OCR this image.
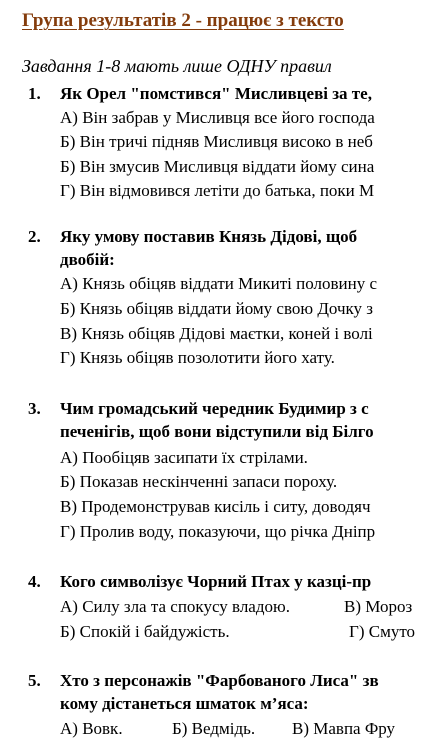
Група результатів 2 - працює з тексто
Завдання 1-8 мають лише ОДНУ правил
1. Як Орел "помстився" Мисливцеві за те,
А) Він забрав у Мисливця все його господа
Б) Він тричі підняв Мисливця високо в неб
Б) Він змусив Мисливця віддати йому сина
Г) Він відмовився летіти до батька, поки М
2. Яку умову поставив Князь Дідові, щоб
двобій:
А) Князь обіцяв віддати Микиті половину с
Б) Князь обіцяв віддати йому свою Дочку з
В) Князь обіцяв Дідові маєтки, коней і волі
Г) Князь обіцяв позолотити його хату.
3. Чим громадський чередник Будимир з с
печенігів, щоб вони відступили від Білго
А) Пообіцяв засипати їх стрілами.
Б) Показав нескінченні запаси пороху.
В) Продемонстрував кисіль і ситу, доводяч
Г) Пролив воду, показуючи, що річка Дніпр
4. Кого символізує Чорний Птах у казці-пр
А) Силу зла та спокусу владою.	В) Мороз
Б) Спокій і байдужість.	Г) Смуто
5. Хто з персонажів "Фарбованого Лиса" зв
кому дістанеться шматок м’яса:
А) Вовк.	Б) Ведмідь. В) Мавпа Фру
